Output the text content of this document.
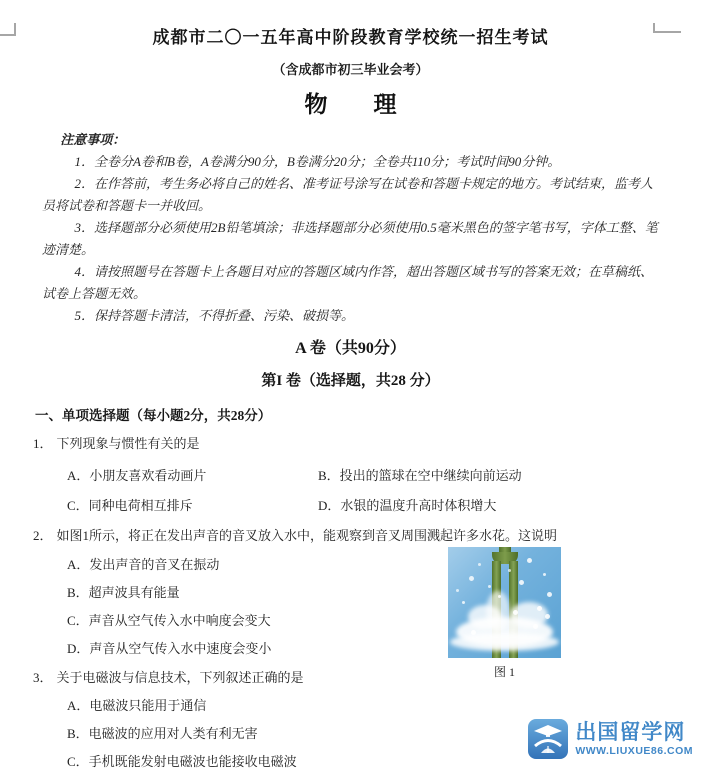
成都市二〇一五年高中阶段教育学校统一招生考试
（含成都市初三毕业会考）
物　　理

注意事项：

1．全卷分A卷和B卷，A卷满分90分，B卷满分20分；全卷共110分；考试时间90分钟。

2．在作答前，考生务必将自己的姓名、准考证号涂写在试卷和答题卡规定的地方。考试结束，监考人员将试卷和答题卡一并收回。

3．选择题部分必须使用2B铅笔填涂；非选择题部分必须使用0.5毫米黑色的签字笔书写，字体工整、笔迹清楚。

4．请按照题号在答题卡上各题目对应的答题区域内作答，超出答题区域书写的答案无效；在草稿纸、试卷上答题无效。

5．保持答题卡清洁，不得折叠、污染、破损等。

A 卷（共90分）
第I 卷（选择题，共28 分）
一、单项选择题（每小题2分，共28分）

1． 下列现象与惯性有关的是

A．小朋友喜欢看动画片	B．投出的篮球在空中继续向前运动
C．同种电荷相互排斥	D．水银的温度升高时体积增大

2． 如图1所示，将正在发出声音的音叉放入水中，能观察到音叉周围溅起许多水花。这说明

A．发出声音的音叉在振动
B．超声波具有能量
C．声音从空气传入水中响度会变大
D．声音从空气传入水中速度会变小

3． 关于电磁波与信息技术，下列叙述正确的是

A．电磁波只能用于通信
B．电磁波的应用对人类有利无害
C．手机既能发射电磁波也能接收电磁波
图 1
出国留学网
WWW.LIUXUE86.COM
